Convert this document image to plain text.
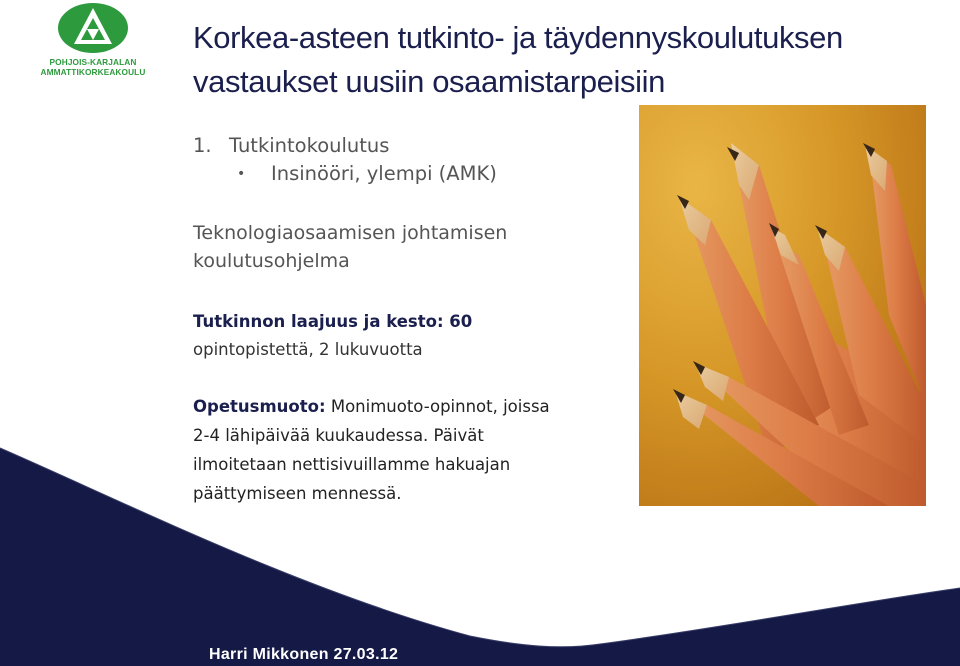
POHJOIS-KARJALAN
AMMATTIKORKEAKOULU
Korkea-asteen tutkinto- ja täydennyskoulutuksen
vastaukset uusiin osaamistarpeisiin
1. Tutkintokoulutus
• Insinööri, ylempi (AMK)

Teknologiaosaamisen johtamisen
koulutusohjelma

Tutkinnon laajuus ja kesto: 60
opintopistettä, 2 lukuvuotta

Opetusmuoto: Monimuoto-opinnot, joissa
2-4 lähipäivää kuukaudessa. Päivät
ilmoitetaan nettisivuillamme hakuajan
päättymiseen mennessä.

Harri Mikkonen 27.03.12
